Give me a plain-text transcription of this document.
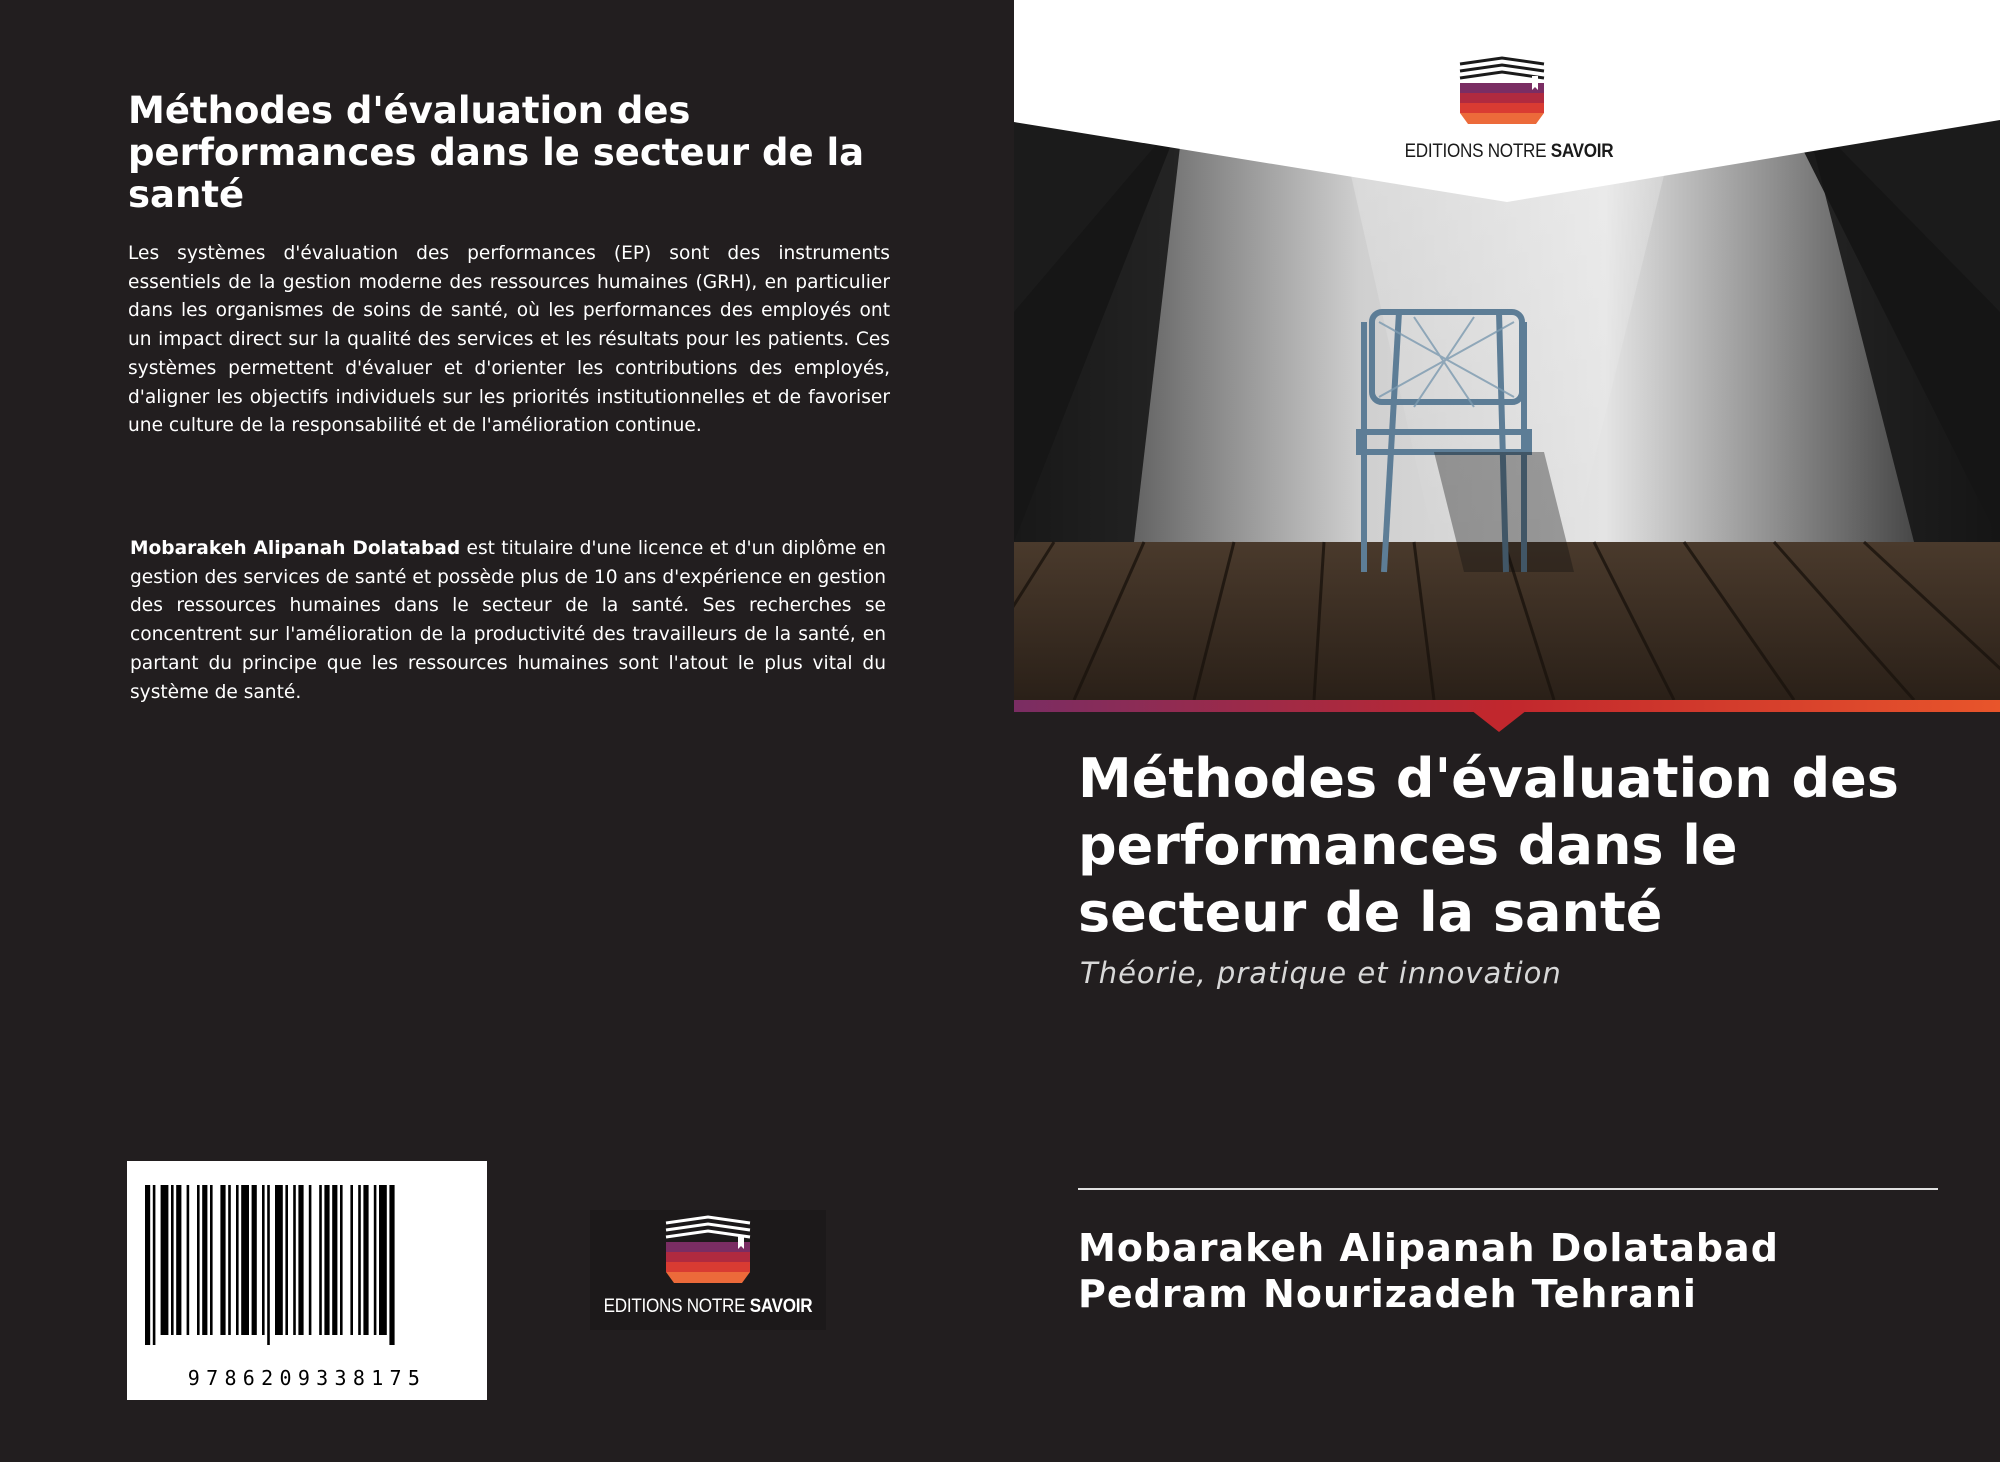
Méthodes d'évaluation des performances dans le secteur de la santé

Les systèmes d'évaluation des performances (EP) sont des instruments essentiels de la gestion moderne des ressources humaines (GRH), en particulier dans les organismes de soins de santé, où les performances des employés ont un impact direct sur la qualité des services et les résultats pour les patients. Ces systèmes permettent d'évaluer et d'orienter les contributions des employés, d'aligner les objectifs individuels sur les priorités institutionnelles et de favoriser une culture de la responsabilité et de l'amélioration continue.

Mobarakeh Alipanah Dolatabad est titulaire d'une licence et d'un diplôme en gestion des services de santé et possède plus de 10 ans d'expérience en gestion des ressources humaines dans le secteur de la santé. Ses recherches se concentrent sur l'amélioration de la productivité des travailleurs de la santé, en partant du principe que les ressources humaines sont l'atout le plus vital du système de santé.

9786209338175
EDITIONS NOTRE SAVOIR
EDITIONS NOTRE SAVOIR
Méthodes d'évaluation des performances dans le secteur de la santé

Théorie, pratique et innovation

Mobarakeh Alipanah Dolatabad

Pedram Nourizadeh Tehrani
